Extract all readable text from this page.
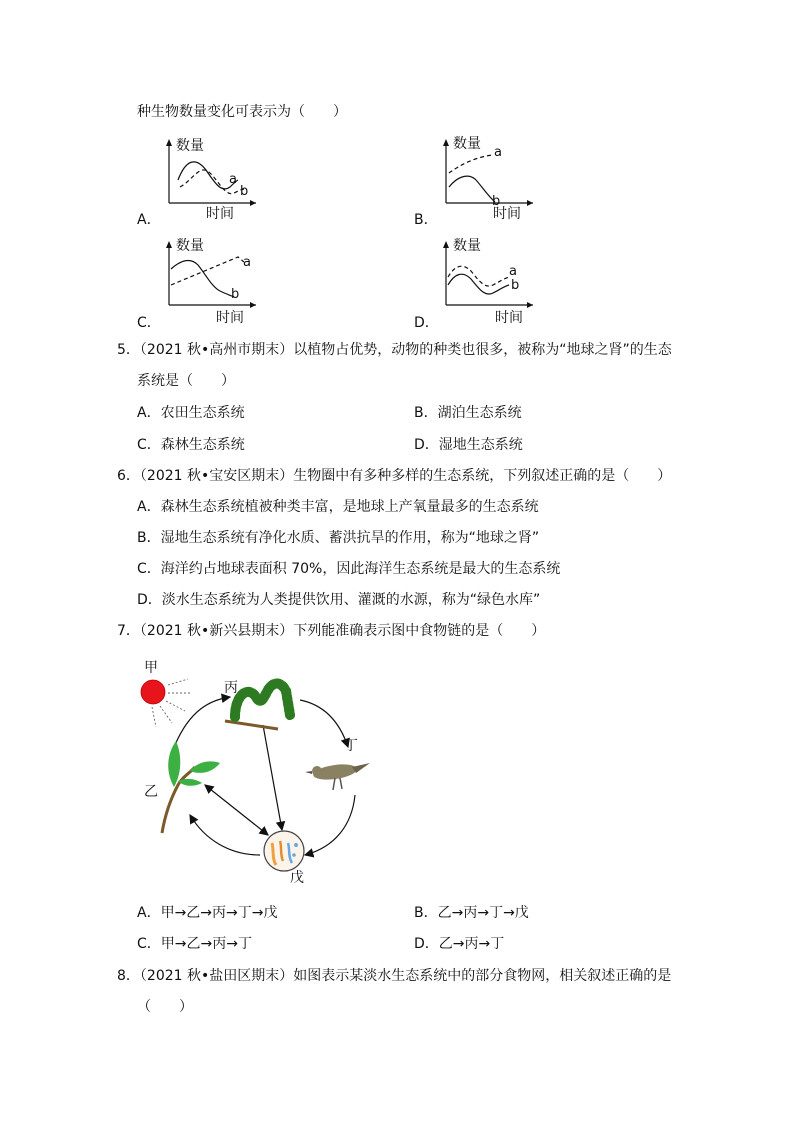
种生物数量变化可表示为（　　）
数量
a
b
时间
A．
数量
a
b
时间
B．
数量
a
b
时间
C．
数量
a
b
时间
D．
5．（2021 秋•高州市期末）以植物占优势，动物的种类也很多，被称为“地球之肾”的生态
系统是（　　）
A．农田生态系统	B．湖泊生态系统
C．森林生态系统	D．湿地生态系统
6．（2021 秋•宝安区期末）生物圈中有多种多样的生态系统，下列叙述正确的是（　　）
A．森林生态系统植被种类丰富，是地球上产氧量最多的生态系统
B．湿地生态系统有净化水质、蓄洪抗旱的作用，称为“地球之肾”
C．海洋约占地球表面积 70%，因此海洋生态系统是最大的生态系统
D．淡水生态系统为人类提供饮用、灌溉的水源，称为“绿色水库”
7．（2021 秋•新兴县期末）下列能准确表示图中食物链的是（　　）
甲
丙
丁
乙
戊
A．甲→乙→丙→丁→戊	B．乙→丙→丁→戊
C．甲→乙→丙→丁	D．乙→丙→丁
8．（2021 秋•盐田区期末）如图表示某淡水生态系统中的部分食物网，相关叙述正确的是
（　　）
